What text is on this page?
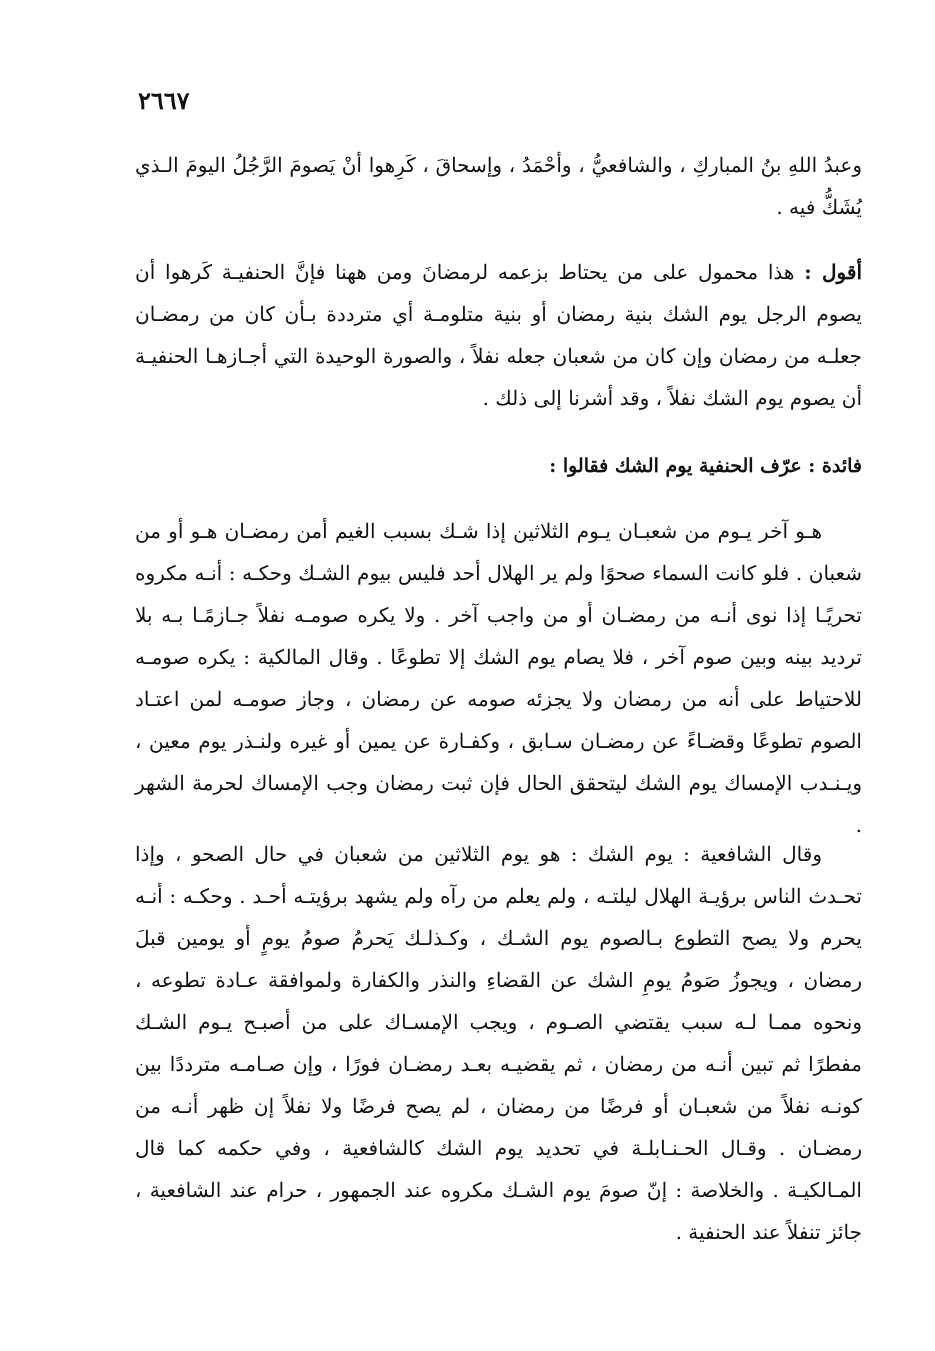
٢٦٦٧

وعبدُ اللهِ بنُ المباركِ ، والشافعيُّ ، وأحْمَدُ ، وإسحاقَ ، كَرِهوا أنْ يَصومَ الرَّجُلُ اليومَ الـذي يُشَكُّ فيه .

أقول : هذا محمول على من يحتاط بزعمه لرمضانَ ومن ههنا فإنَّ الحنفيـة كَرهوا أن يصوم الرجل يوم الشك بنية رمضان أو بنية متلومـة أي مترددة بـأن كان من رمضـان جعلـه من رمضان وإن كان من شعبان جعله نفلاً ، والصورة الوحيدة التي أجـازهـا الحنفيـة أن يصوم يوم الشك نفلاً ، وقد أشرنا إلى ذلك .

فائدة : عرّف الحنفية يوم الشك فقالوا :

هـو آخر يـوم من شعبـان يـوم الثلاثين إذا شـك بسبب الغيم أمن رمضـان هـو أو من شعبان . فلو كانت السماء صحوًا ولم ير الهلال أحد فليس بيوم الشـك وحكـه : أنـه مكروه تحريًـا إذا نوى أنـه من رمضـان أو من واجب آخر . ولا يكره صومـه نفلاً جـازمًـا بـه بلا ترديد بينه وبين صوم آخر ، فلا يصام يوم الشك إلا تطوعًا . وقال المالكية : يكره صومـه للاحتياط على أنه من رمضان ولا يجزئه صومه عن رمضان ، وجاز صومـه لمن اعتـاد الصوم تطوعًا وقضـاءً عن رمضـان سـابق ، وكفـارة عن يمين أو غيره ولنـذر يوم معين ، ويـنـدب الإمساك يوم الشك ليتحقق الحال فإن ثبت رمضان وجب الإمساك لحرمة الشهر .

وقال الشافعية : يوم الشك : هو يوم الثلاثين من شعبان في حال الصحو ، وإذا تحـدث الناس برؤيـة الهلال ليلتـه ، ولم يعلم من رآه ولم يشهد برؤيتـه أحـد . وحكـه : أنـه يحرم ولا يصح التطوع بـالصوم يوم الشـك ، وكـذلـك يَحرمُ صومُ يومٍ أو يومين قبلَ رمضان ، ويجوزُ صَومُ يومِ الشك عن القضاءِ والنذر والكفارة ولموافقة عـادة تطوعه ، ونحوه ممـا لـه سبب يقتضي الصـوم ، ويجب الإمسـاك على من أصبـح يـوم الشـك مفطرًا ثم تبين أنـه من رمضان ، ثم يقضيـه بعـد رمضـان فورًا ، وإن صـامـه مترددًا بين كونـه نفلاً من شعبـان أو فرضًا من رمضان ، لم يصح فرضًا ولا نفلاً إن ظهر أنـه من رمضـان . وقـال الحـنـابلـة في تحديد يوم الشك كالشافعية ، وفي حكمه كما قال المـالكيـة . والخلاصة : إنّ صومَ يوم الشـك مكروه عند الجمهور ، حرام عند الشافعية ، جائز تنفلاً عند الحنفية .
